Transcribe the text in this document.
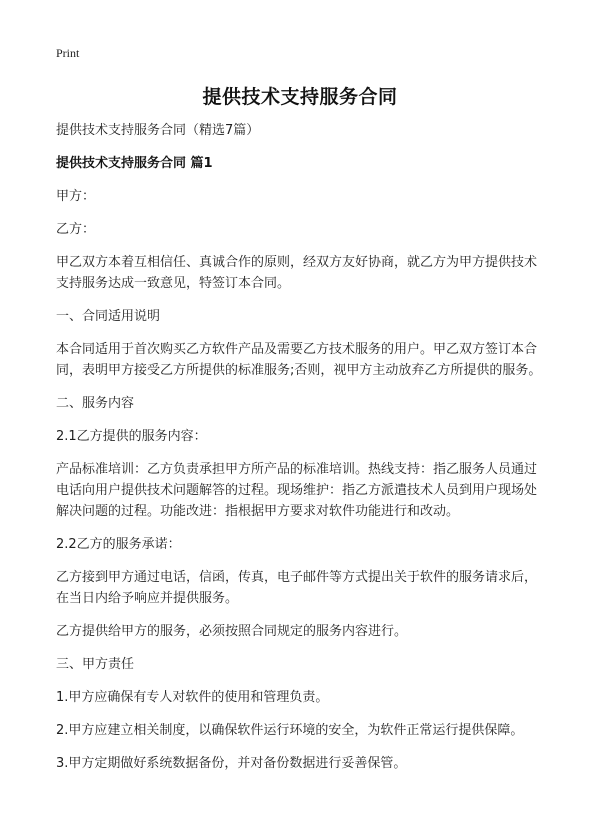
Print
提供技术支持服务合同

提供技术支持服务合同（精选7篇）

提供技术支持服务合同 篇1

甲方：

乙方：

甲乙双方本着互相信任、真诚合作的原则，经双方友好协商，就乙方为甲方提供技术支持服务达成一致意见，特签订本合同。

一、合同适用说明

本合同适用于首次购买乙方软件产品及需要乙方技术服务的用户。甲乙双方签订本合同，表明甲方接受乙方所提供的标准服务;否则，视甲方主动放弃乙方所提供的服务。

二、服务内容

2.1乙方提供的服务内容：

产品标准培训：乙方负责承担甲方所产品的标准培训。热线支持：指乙服务人员通过电话向用户提供技术问题解答的过程。现场维护：指乙方派遣技术人员到用户现场处解决问题的过程。功能改进：指根据甲方要求对软件功能进行和改动。

2.2乙方的服务承诺：

乙方接到甲方通过电话，信函，传真，电子邮件等方式提出关于软件的服务请求后，在当日内给予响应并提供服务。

乙方提供给甲方的服务，必须按照合同规定的服务内容进行。

三、甲方责任

1.甲方应确保有专人对软件的使用和管理负责。

2.甲方应建立相关制度，以确保软件运行环境的安全，为软件正常运行提供保障。

3.甲方定期做好系统数据备份，并对备份数据进行妥善保管。
